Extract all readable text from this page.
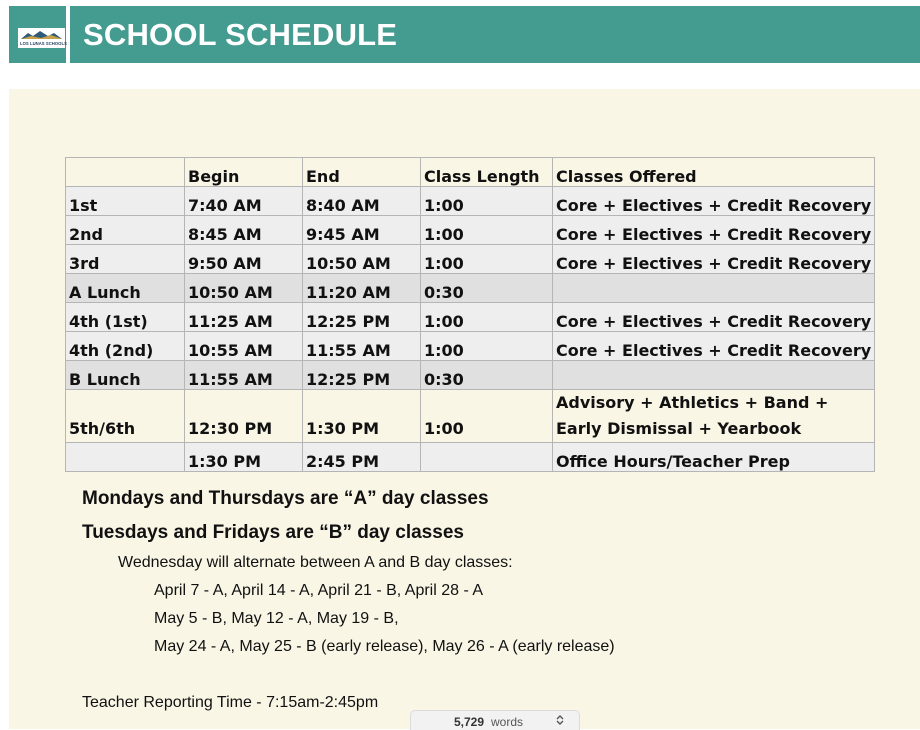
LOS LUNAS SCHOOLS SCHOOL SCHEDULE
	Begin	End	Class Length	Classes Offered
1st	7:40 AM	8:40 AM	1:00	Core + Electives + Credit Recovery
2nd	8:45 AM	9:45 AM	1:00	Core + Electives + Credit Recovery
3rd	9:50 AM	10:50 AM	1:00	Core + Electives + Credit Recovery
A Lunch	10:50 AM	11:20 AM	0:30	
4th (1st)	11:25 AM	12:25 PM	1:00	Core + Electives + Credit Recovery
4th (2nd)	10:55 AM	11:55 AM	1:00	Core + Electives + Credit Recovery
B Lunch	11:55 AM	12:25 PM	0:30	
5th/6th	12:30 PM	1:30 PM	1:00	Advisory + Athletics + Band + Early Dismissal + Yearbook
	1:30 PM	2:45 PM		Office Hours/Teacher Prep
Mondays and Thursdays are “A” day classes
Tuesdays and Fridays are “B” day classes
Wednesday will alternate between A and B day classes:
April 7 - A, April 14 - A, April 21 - B, April 28 - A
May 5 - B, May 12 - A, May 19 - B,
May 24 - A, May 25 - B (early release), May 26 - A (early release)
Teacher Reporting Time - 7:15am-2:45pm
5,729 words
